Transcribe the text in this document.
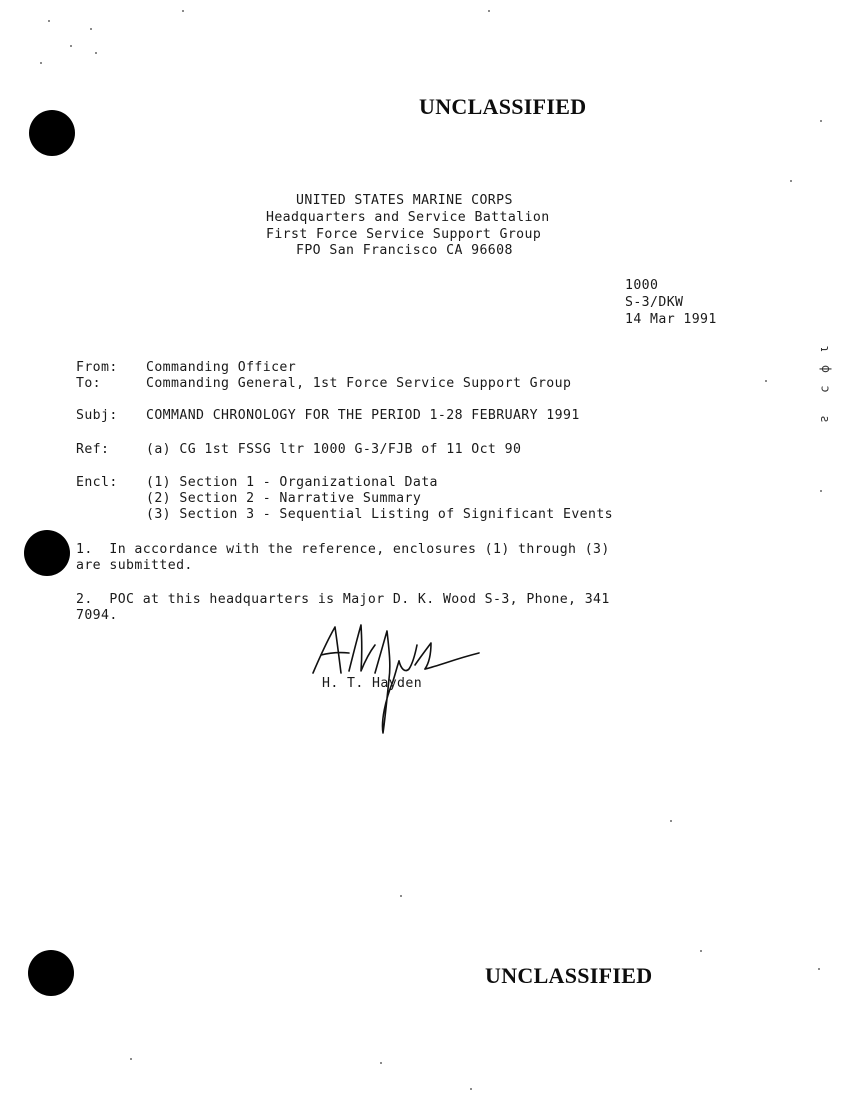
ɿ
ɸ
ɔ
ƨ
UNCLASSIFIED
UNITED STATES MARINE CORPS
Headquarters and Service Battalion
First Force Service Support Group
FPO San Francisco CA 96608
1000
S-3/DKW
14 Mar 1991
From: Commanding Officer
To:	Commanding General, 1st Force Service Support Group
Subj: COMMAND CHRONOLOGY FOR THE PERIOD 1-28 FEBRUARY 1991
Ref:	(a) CG 1st FSSG ltr 1000 G-3/FJB of 11 Oct 90
Encl: (1) Section 1 - Organizational Data
(2) Section 2 - Narrative Summary
(3) Section 3 - Sequential Listing of Significant Events
1.  In accordance with the reference, enclosures (1) through (3)
are submitted.
2.  POC at this headquarters is Major D. K. Wood S-3, Phone, 341
7094.
H. T. Hayden
UNCLASSIFIED
